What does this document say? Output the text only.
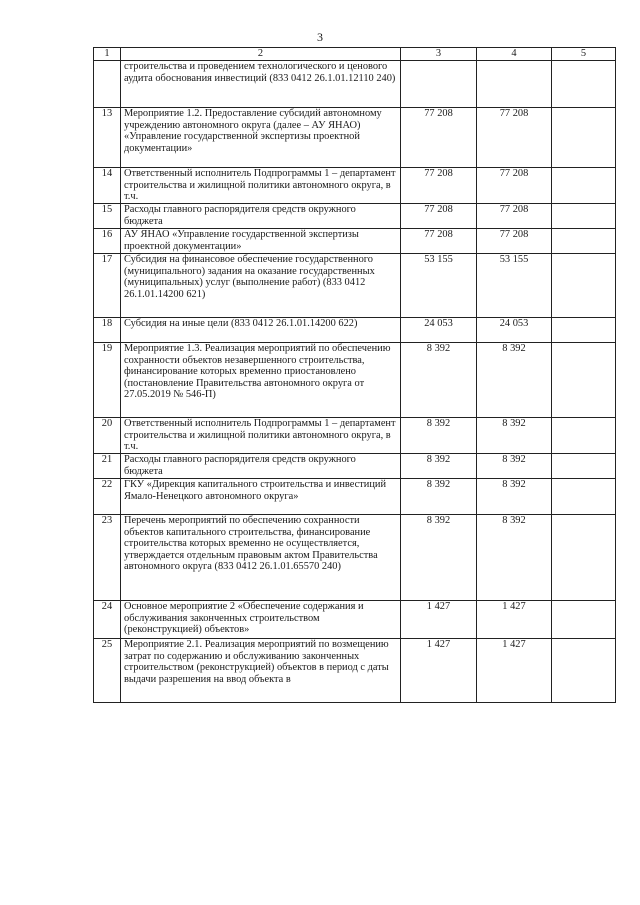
3
1	2	3	4	5
	строительства и проведением технологического и ценового аудита обоснования инвестиций (833 0412 26.1.01.12110 240)			
13	Мероприятие 1.2. Предоставление субсидий автономному учреждению автономного округа (далее – АУ ЯНАО) «Управление государственной экспертизы проектной документации»	77 208	77 208	
14	Ответственный исполнитель Подпрограммы 1 – департамент строительства и жилищной политики автономного округа, в т.ч.	77 208	77 208	
15	Расходы главного распорядителя средств окружного бюджета	77 208	77 208	
16	АУ ЯНАО «Управление государственной экспертизы проектной документации»	77 208	77 208	
17	Субсидия на финансовое обеспечение государственного (муниципального) задания на оказание государственных (муниципальных) услуг (выполнение работ) (833 0412 26.1.01.14200 621)	53 155	53 155	
18	Субсидия на иные цели (833 0412 26.1.01.14200 622)	24 053	24 053	
19	Мероприятие 1.3. Реализация мероприятий по обеспечению сохранности объектов незавершенного строительства, финансирование которых временно приостановлено (постановление Правительства автономного округа от 27.05.2019 № 546-П)	8 392	8 392	
20	Ответственный исполнитель Подпрограммы 1 – департамент строительства и жилищной политики автономного округа, в т.ч.	8 392	8 392	
21	Расходы главного распорядителя средств окружного бюджета	8 392	8 392	
22	ГКУ «Дирекция капитального строительства и инвестиций Ямало-Ненецкого автономного округа»	8 392	8 392	
23	Перечень мероприятий по обеспечению сохранности объектов капитального строительства, финансирование строительства которых временно не осуществляется, утверждается отдельным правовым актом Правительства автономного округа (833 0412 26.1.01.65570 240)	8 392	8 392	
24	Основное мероприятие 2 «Обеспечение содержания и обслуживания законченных строительством (реконструкцией) объектов»	1 427	1 427	
25	Мероприятие 2.1. Реализация мероприятий по возмещению затрат по содержанию и обслуживанию законченных строительством (реконструкцией) объектов в период с даты выдачи разрешения на ввод объекта в	1 427	1 427	
